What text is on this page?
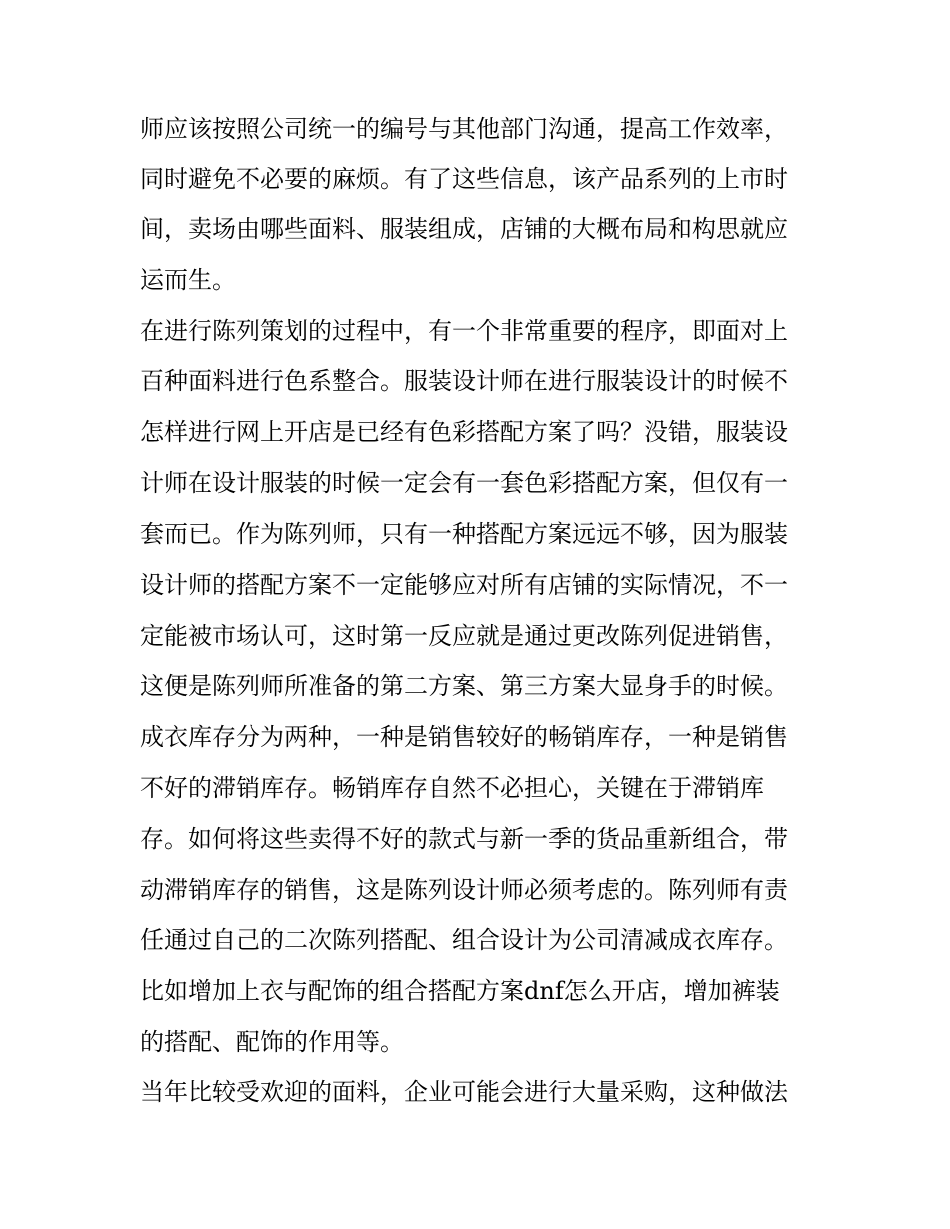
师应该按照公司统一的编号与其他部门沟通，提高工作效率，
同时避免不必要的麻烦。有了这些信息，该产品系列的上市时
间，卖场由哪些面料、服装组成，店铺的大概布局和构思就应
运而生。
在进行陈列策划的过程中，有一个非常重要的程序，即面对上
百种面料进行色系整合。服装设计师在进行服装设计的时候不
怎样进行网上开店是已经有色彩搭配方案了吗？没错，服装设
计师在设计服装的时候一定会有一套色彩搭配方案，但仅有一
套而已。作为陈列师，只有一种搭配方案远远不够，因为服装
设计师的搭配方案不一定能够应对所有店铺的实际情况，不一
定能被市场认可，这时第一反应就是通过更改陈列促进销售，
这便是陈列师所准备的第二方案、第三方案大显身手的时候。
成衣库存分为两种，一种是销售较好的畅销库存，一种是销售
不好的滞销库存。畅销库存自然不必担心，关键在于滞销库
存。如何将这些卖得不好的款式与新一季的货品重新组合，带
动滞销库存的销售，这是陈列设计师必须考虑的。陈列师有责
任通过自己的二次陈列搭配、组合设计为公司清减成衣库存。
比如增加上衣与配饰的组合搭配方案dnf怎么开店，增加裤装
的搭配、配饰的作用等。
当年比较受欢迎的面料，企业可能会进行大量采购，这种做法
